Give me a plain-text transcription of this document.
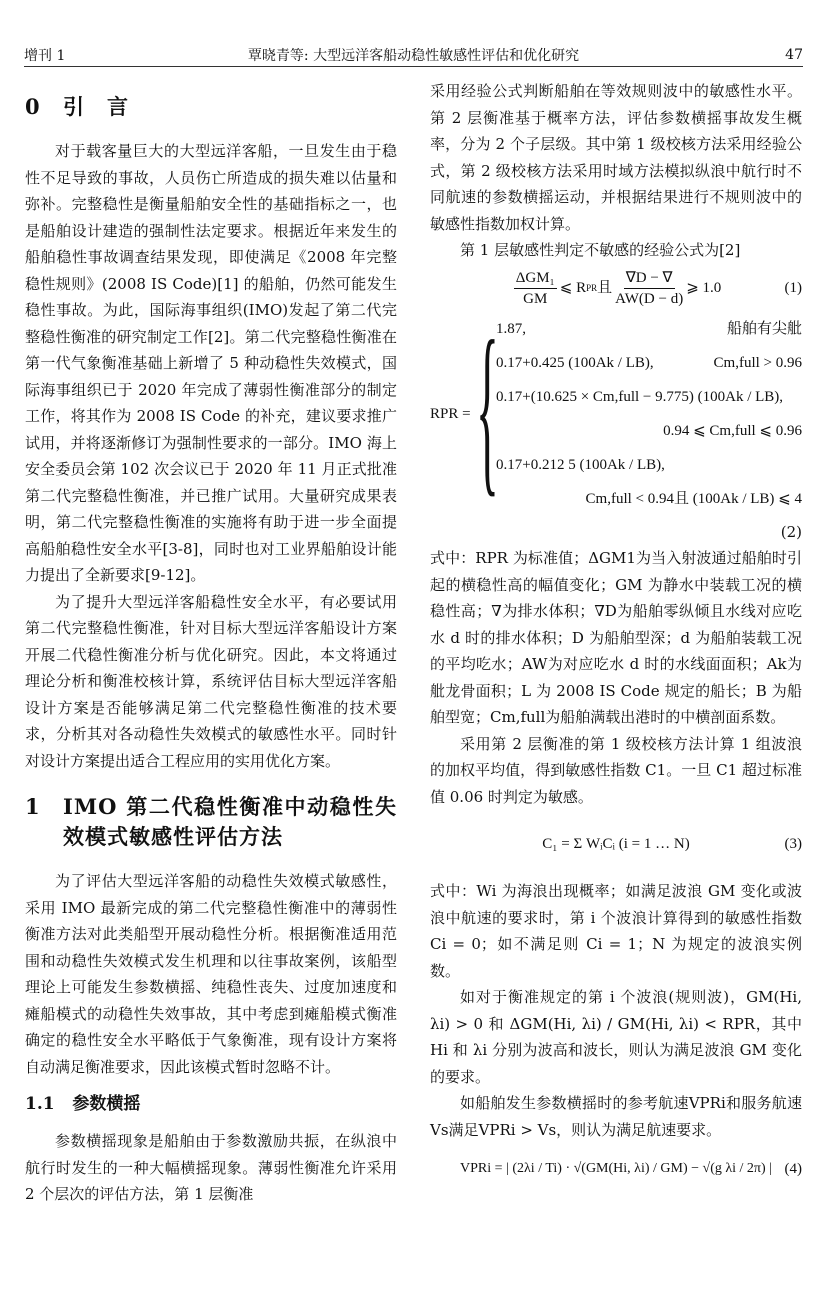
增刊 1	覃晓青等: 大型远洋客船动稳性敏感性评估和优化研究	47
0	引　言

对于载客量巨大的大型远洋客船，一旦发生由于稳性不足导致的事故，人员伤亡所造成的损失难以估量和弥补。完整稳性是衡量船舶安全性的基础指标之一，也是船舶设计建造的强制性法定要求。根据近年来发生的船舶稳性事故调查结果发现，即使满足《2008 年完整稳性规则》(2008 IS Code)[1] 的船舶，仍然可能发生稳性事故。为此，国际海事组织(IMO)发起了第二代完整稳性衡准的研究制定工作[2]。第二代完整稳性衡准在第一代气象衡准基础上新增了 5 种动稳性失效模式，国际海事组织已于 2020 年完成了薄弱性衡准部分的制定工作，将其作为 2008 IS Code 的补充，建议要求推广试用，并将逐渐修订为强制性要求的一部分。IMO 海上安全委员会第 102 次会议已于 2020 年 11 月正式批准第二代完整稳性衡准，并已推广试用。大量研究成果表明，第二代完整稳性衡准的实施将有助于进一步全面提高船舶稳性安全水平[3-8]，同时也对工业界船舶设计能力提出了全新要求[9-12]。

为了提升大型远洋客船稳性安全水平，有必要试用第二代完整稳性衡准，针对目标大型远洋客船设计方案开展二代稳性衡准分析与优化研究。因此，本文将通过理论分析和衡准校核计算，系统评估目标大型远洋客船设计方案是否能够满足第二代完整稳性衡准的技术要求，分析其对各动稳性失效模式的敏感性水平。同时针对设计方案提出适合工程应用的实用优化方案。

1	IMO 第二代稳性衡准中动稳性失效模式敏感性评估方法

为了评估大型远洋客船的动稳性失效模式敏感性，采用 IMO 最新完成的第二代完整稳性衡准中的薄弱性衡准方法对此类船型开展动稳性分析。根据衡准适用范围和动稳性失效模式发生机理和以往事故案例，该船型理论上可能发生参数横摇、纯稳性丧失、过度加速度和瘫船模式的动稳性失效事故，其中考虑到瘫船模式衡准确定的稳性安全水平略低于气象衡准，现有设计方案将自动满足衡准要求，因此该模式暂时忽略不计。

1.1 参数横摇

参数横摇现象是船舶由于参数激励共振，在纵浪中航行时发生的一种大幅横摇现象。薄弱性衡准允许采用 2 个层次的评估方法，第 1 层衡准

采用经验公式判断船舶在等效规则波中的敏感性水平。第 2 层衡准基于概率方法，评估参数横摇事故发生概率，分为 2 个子层级。其中第 1 级校核方法采用经验公式，第 2 级校核方法采用时域方法模拟纵浪中航行时不同航速的参数横摇运动，并根据结果进行不规则波中的敏感性指数加权计算。

第 1 层敏感性判定不敏感的经验公式为[2]

$\frac{\text{ΔGM₁}}{GM}$ ⩽ R PR 且 $\frac{\nabla D - \nabla}{AW(D - d)}$ ⩾ 1.0	(1)
RPR = {
1.87,	船舶有尖舭
0.17+0.425 (100Ak / LB),	Cm,full > 0.96
0.17+(10.625 × Cm,full − 9.775) (100Ak / LB),
0.94 ⩽ Cm,full ⩽ 0.96
0.17+0.212 5 (100Ak / LB),
Cm,full < 0.94且 (100Ak / LB) ⩽ 4
(2)

式中：RPR 为标准值；ΔGM1为当入射波通过船舶时引起的横稳性高的幅值变化；GM 为静水中装载工况的横稳性高；∇为排水体积；∇D为船舶零纵倾且水线对应吃水 d 时的排水体积；D 为船舶型深；d 为船舶装载工况的平均吃水；AW为对应吃水 d 时的水线面面积；Ak为舭龙骨面积；L 为 2008 IS Code 规定的船长；B 为船舶型宽；Cm,full为船舶满载出港时的中横剖面系数。

采用第 2 层衡准的第 1 级校核方法计算 1 组波浪的加权平均值，得到敏感性指数 C1。一旦 C1 超过标准值 0.06 时判定为敏感。

C₁ = Σ WᵢCᵢ (i = 1 … N)	(3)

式中：Wi 为海浪出现概率；如满足波浪 GM 变化或波浪中航速的要求时，第 i 个波浪计算得到的敏感性指数 Ci = 0；如不满足则 Ci = 1；N 为规定的波浪实例数。

如对于衡准规定的第 i 个波浪(规则波)，GM(Hi, λi) > 0 和 ΔGM(Hi, λi) / GM(Hi, λi) < RPR，其中 Hi 和 λi 分别为波高和波长，则认为满足波浪 GM 变化的要求。

如船舶发生参数横摇时的参考航速VPRi和服务航速Vs满足VPRi > Vs，则认为满足航速要求。

VPRi = | (2λi / Ti) · √(GM(Hi, λi) / GM) − √(g λi / 2π) | (4)
